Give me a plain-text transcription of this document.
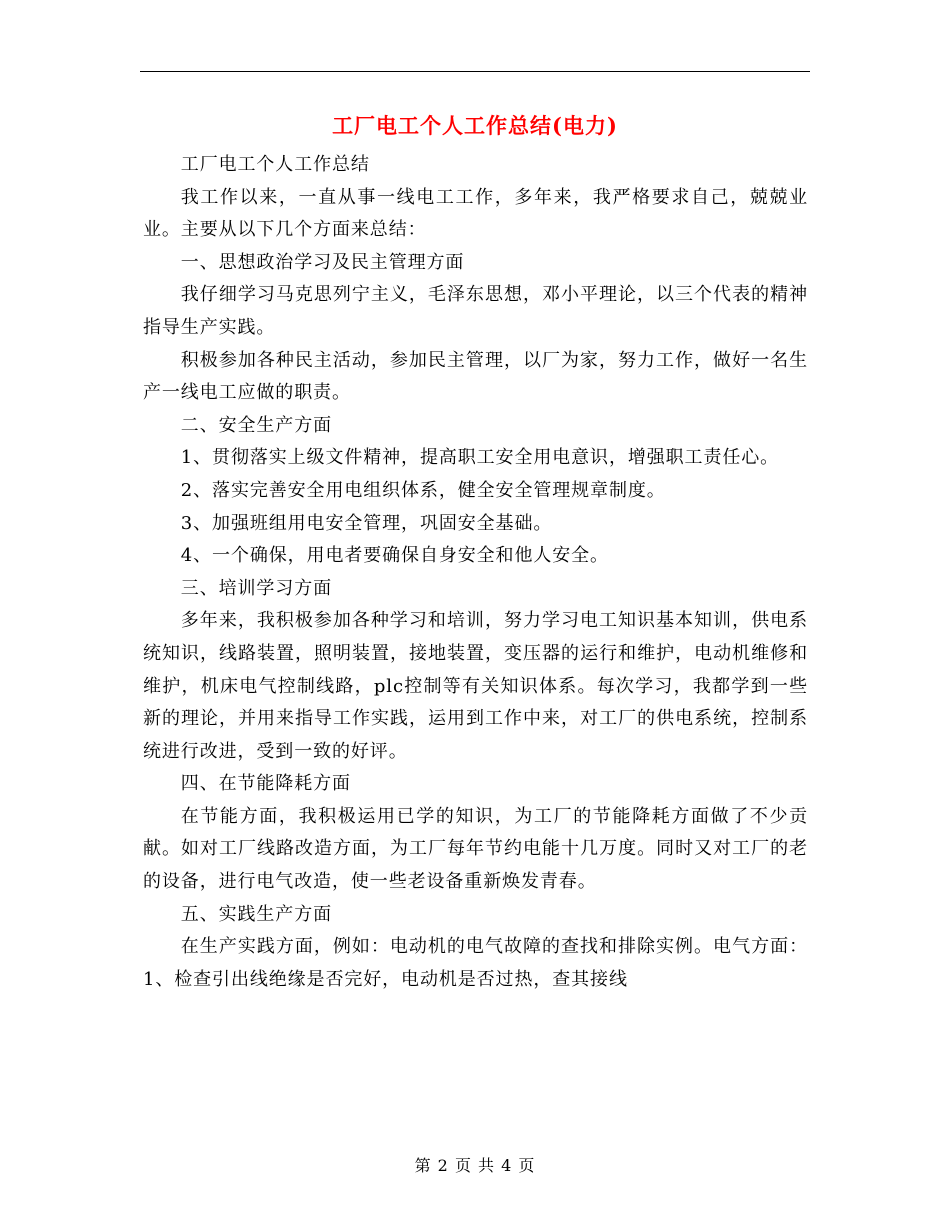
工厂电工个人工作总结(电力)

工厂电工个人工作总结

我工作以来，一直从事一线电工工作，多年来，我严格要求自己，兢兢业业。主要从以下几个方面来总结：

一、思想政治学习及民主管理方面

我仔细学习马克思列宁主义，毛泽东思想，邓小平理论，以三个代表的精神指导生产实践。

积极参加各种民主活动，参加民主管理，以厂为家，努力工作，做好一名生产一线电工应做的职责。

二、安全生产方面

1、贯彻落实上级文件精神，提高职工安全用电意识，增强职工责任心。

2、落实完善安全用电组织体系，健全安全管理规章制度。

3、加强班组用电安全管理，巩固安全基础。

4、一个确保，用电者要确保自身安全和他人安全。

三、培训学习方面

多年来，我积极参加各种学习和培训，努力学习电工知识基本知训，供电系统知识，线路装置，照明装置，接地装置，变压器的运行和维护，电动机维修和维护，机床电气控制线路，plc控制等有关知识体系。每次学习，我都学到一些新的理论，并用来指导工作实践，运用到工作中来，对工厂的供电系统，控制系统进行改进，受到一致的好评。

四、在节能降耗方面

在节能方面，我积极运用已学的知识，为工厂的节能降耗方面做了不少贡献。如对工厂线路改造方面，为工厂每年节约电能十几万度。同时又对工厂的老的设备，进行电气改造，使一些老设备重新焕发青春。

五、实践生产方面

在生产实践方面，例如：电动机的电气故障的查找和排除实例。电气方面：1、检查引出线绝缘是否完好，电动机是否过热，查其接线

第 2 页 共 4 页
